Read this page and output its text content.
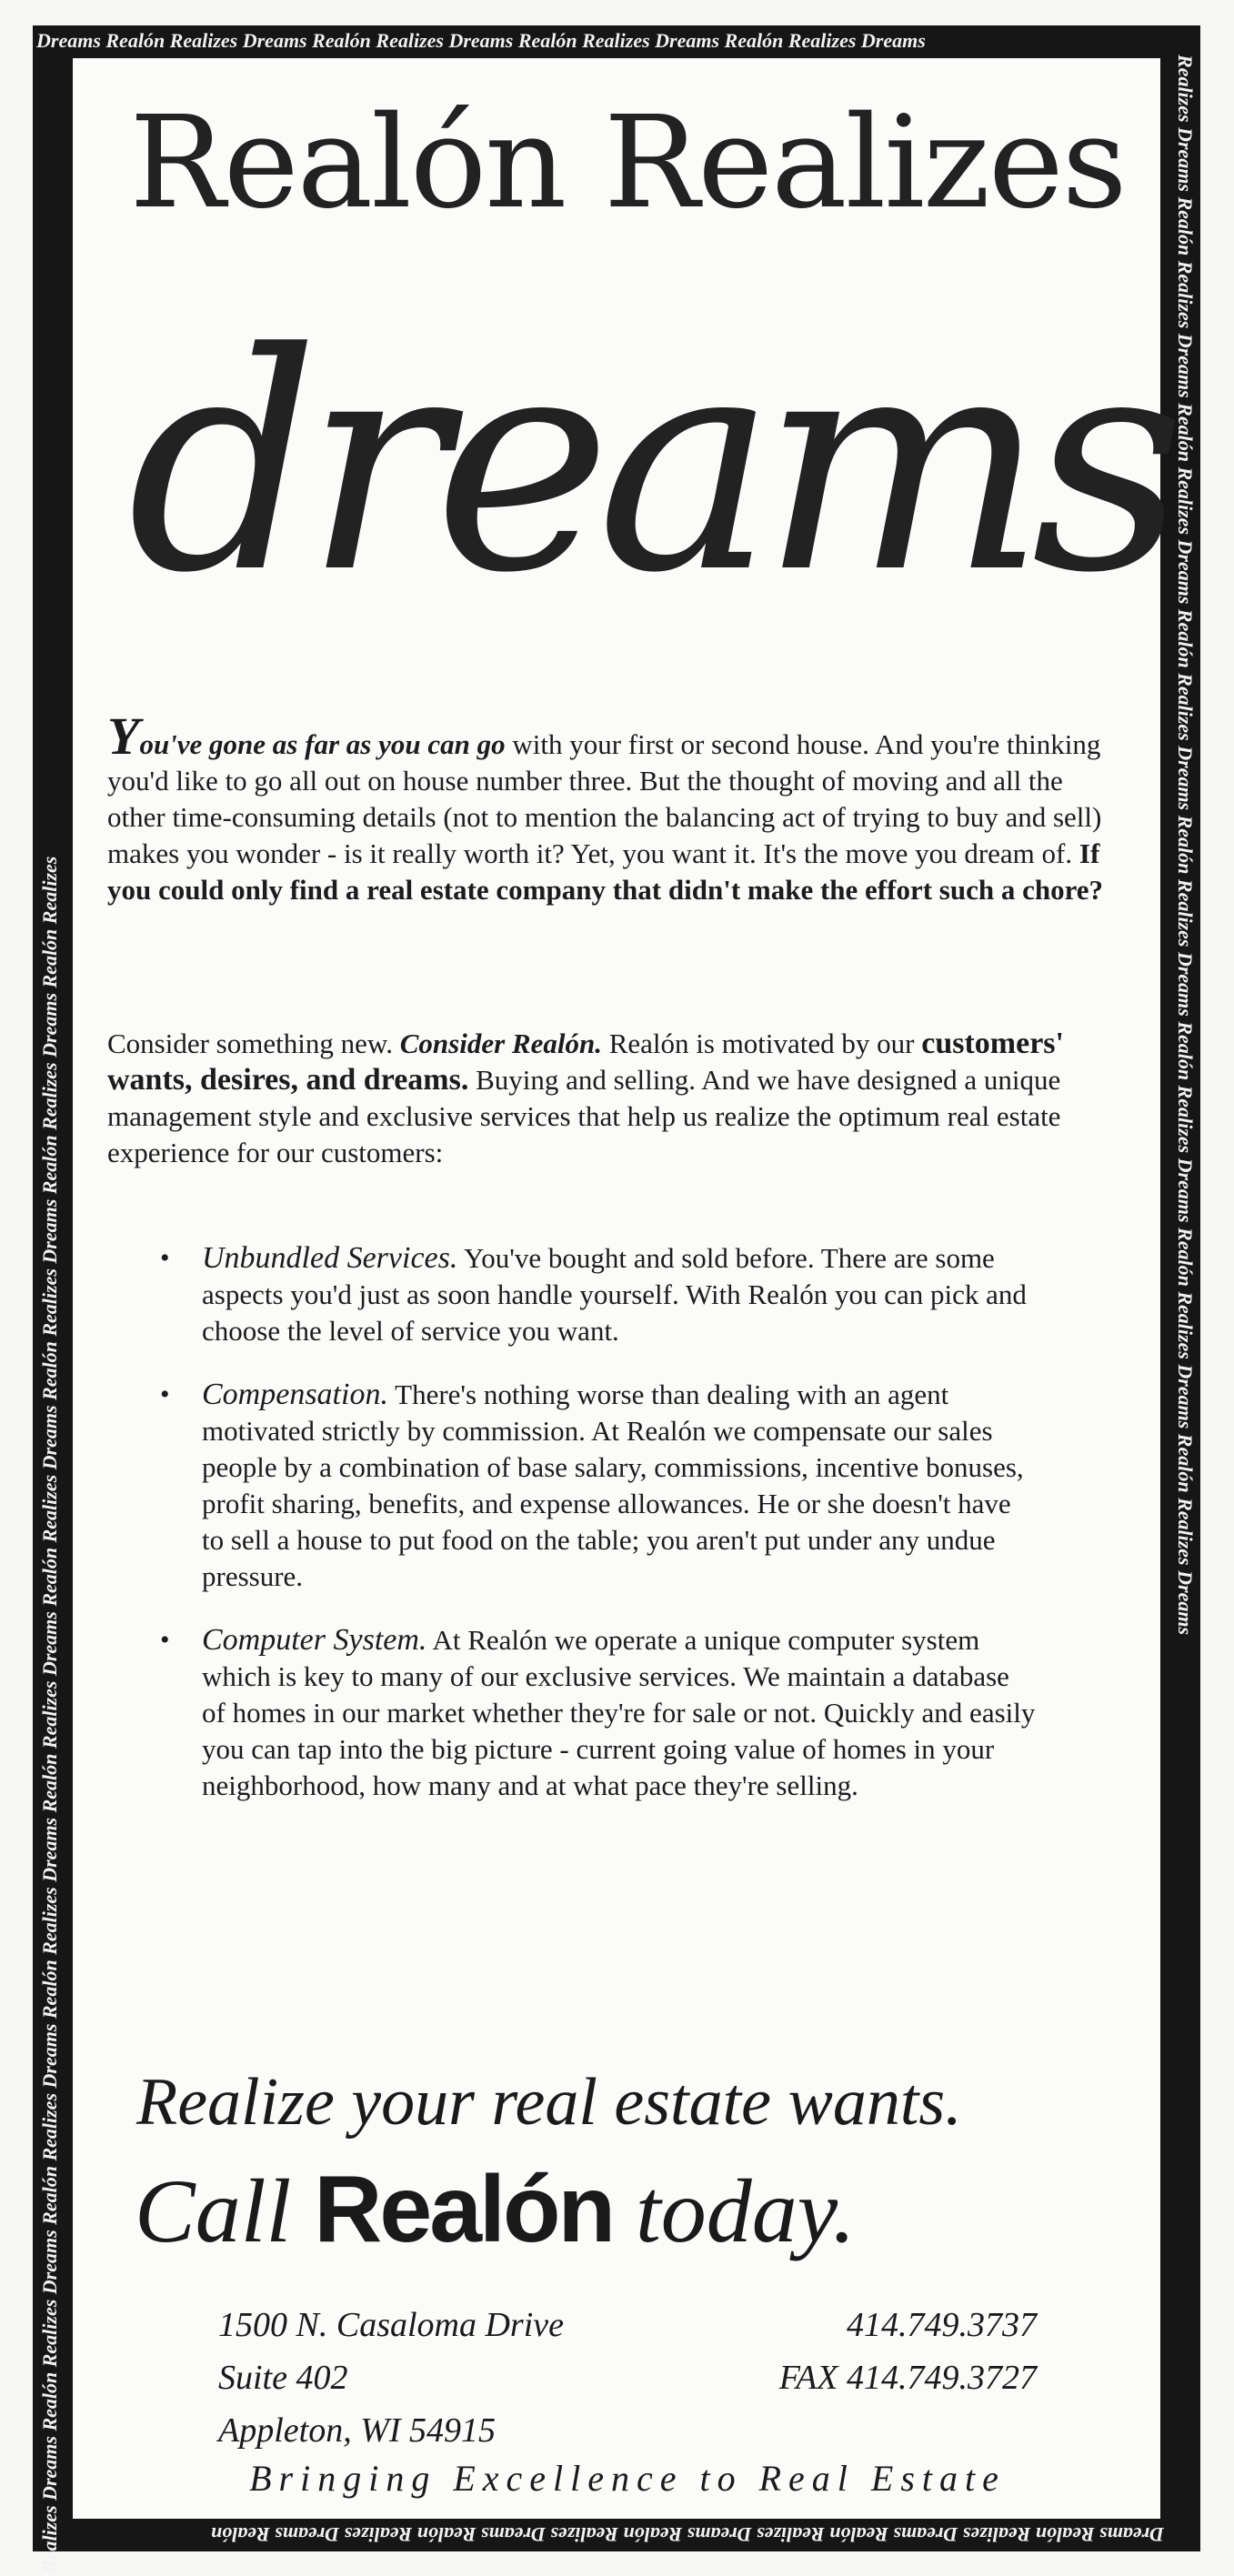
Dreams Realón Realizes Dreams Realón Realizes Dreams Realón Realizes Dreams Realón Realizes Dreams
Dreams Realón Realizes Dreams Realón Realizes Dreams Realón Realizes Dreams Realón Realizes Dreams Realón
Realizes Dreams Realón Realizes Dreams Realón Realizes Dreams Realón Realizes Dreams Realón Realizes Dreams Realón Realizes Dreams Realón Realizes Dreams Realón Realizes Dreams Realón Realizes
Realizes Dreams Realón Realizes Dreams Realón Realizes Dreams Realón Realizes Dreams Realón Realizes Dreams Realón Realizes Dreams Realón Realizes Dreams Realón Realizes Dreams
Realón Realizes
dreams
You've gone as far as you can go with your first or second house. And you're thinking you'd like to go all out on house number three. But the thought of moving and all the other time-consuming details (not to mention the balancing act of trying to buy and sell) makes you wonder - is it really worth it? Yet, you want it. It's the move you dream of. If you could only find a real estate company that didn't make the effort such a chore?
Consider something new. Consider Realón. Realón is motivated by our customers' wants, desires, and dreams. Buying and selling. And we have designed a unique management style and exclusive services that help us realize the optimum real estate experience for our customers:
• Unbundled Services. You've bought and sold before. There are some aspects you'd just as soon handle yourself. With Realón you can pick and choose the level of service you want.
• Compensation. There's nothing worse than dealing with an agent motivated strictly by commission. At Realón we compensate our sales people by a combination of base salary, commissions, incentive bonuses, profit sharing, benefits, and expense allowances. He or she doesn't have to sell a house to put food on the table; you aren't put under any undue pressure.
• Computer System. At Realón we operate a unique computer system which is key to many of our exclusive services. We maintain a database of homes in our market whether they're for sale or not. Quickly and easily you can tap into the big picture - current going value of homes in your neighborhood, how many and at what pace they're selling.
Realize your real estate wants.
Call Realón today.
1500 N. Casaloma Drive
Suite 402
Appleton, WI 54915
414.749.3737
FAX 414.749.3727
Bringing Excellence to Real Estate
